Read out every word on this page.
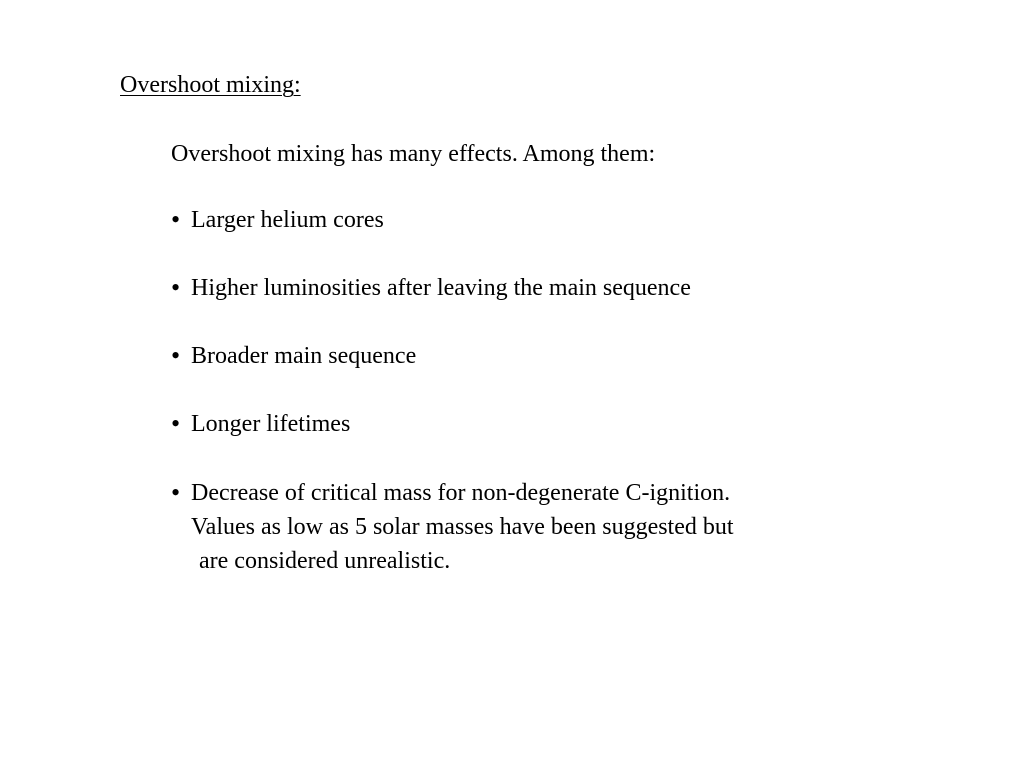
Overshoot mixing:
Overshoot mixing has many effects. Among them:
• Larger helium cores
• Higher luminosities after leaving the main sequence
• Broader main sequence
• Longer lifetimes
• Decrease of critical mass for non-degenerate C-ignition.
Values as low as 5 solar masses have been suggested but
are considered unrealistic.
